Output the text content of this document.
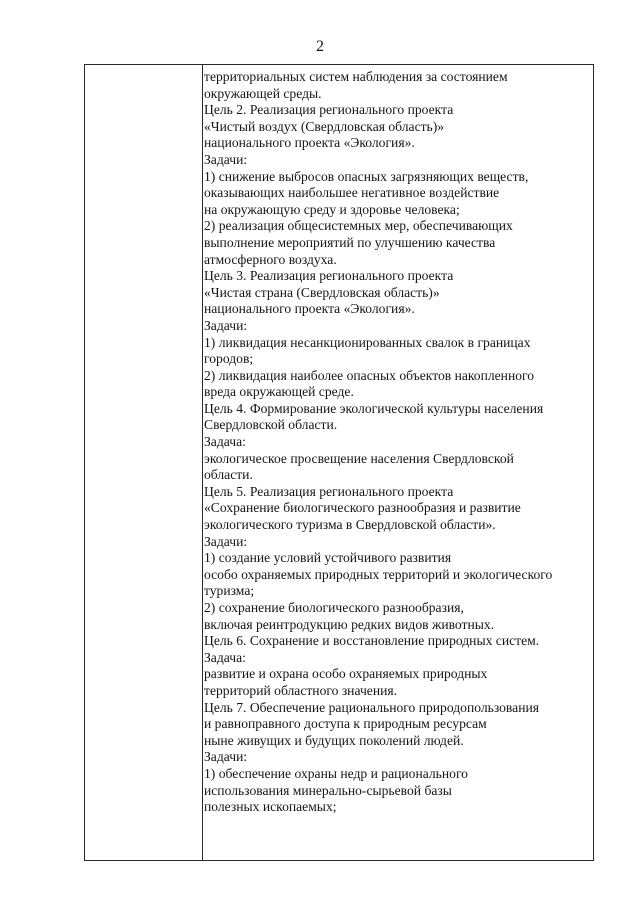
2
территориальных систем наблюдения за состоянием
окружающей среды.
Цель 2. Реализация регионального проекта
«Чистый воздух (Свердловская область)»
национального проекта «Экология».
Задачи:
1) снижение выбросов опасных загрязняющих веществ,
оказывающих наибольшее негативное воздействие
на окружающую среду и здоровье человека;
2) реализация общесистемных мер, обеспечивающих
выполнение мероприятий по улучшению качества
атмосферного воздуха.
Цель 3. Реализация регионального проекта
«Чистая страна (Свердловская область)»
национального проекта «Экология».
Задачи:
1) ликвидация несанкционированных свалок в границах
городов;
2) ликвидация наиболее опасных объектов накопленного
вреда окружающей среде.
Цель 4. Формирование экологической культуры населения
Свердловской области.
Задача:
экологическое просвещение населения Свердловской
области.
Цель 5. Реализация регионального проекта
«Сохранение биологического разнообразия и развитие
экологического туризма в Свердловской области».
Задачи:
1) создание условий устойчивого развития
особо охраняемых природных территорий и экологического
туризма;
2) сохранение биологического разнообразия,
включая реинтродукцию редких видов животных.
Цель 6. Сохранение и восстановление природных систем.
Задача:
развитие и охрана особо охраняемых природных
территорий областного значения.
Цель 7. Обеспечение рационального природопользования
и равноправного доступа к природным ресурсам
ныне живущих и будущих поколений людей.
Задачи:
1) обеспечение охраны недр и рационального
использования минерально-сырьевой базы
полезных ископаемых;
